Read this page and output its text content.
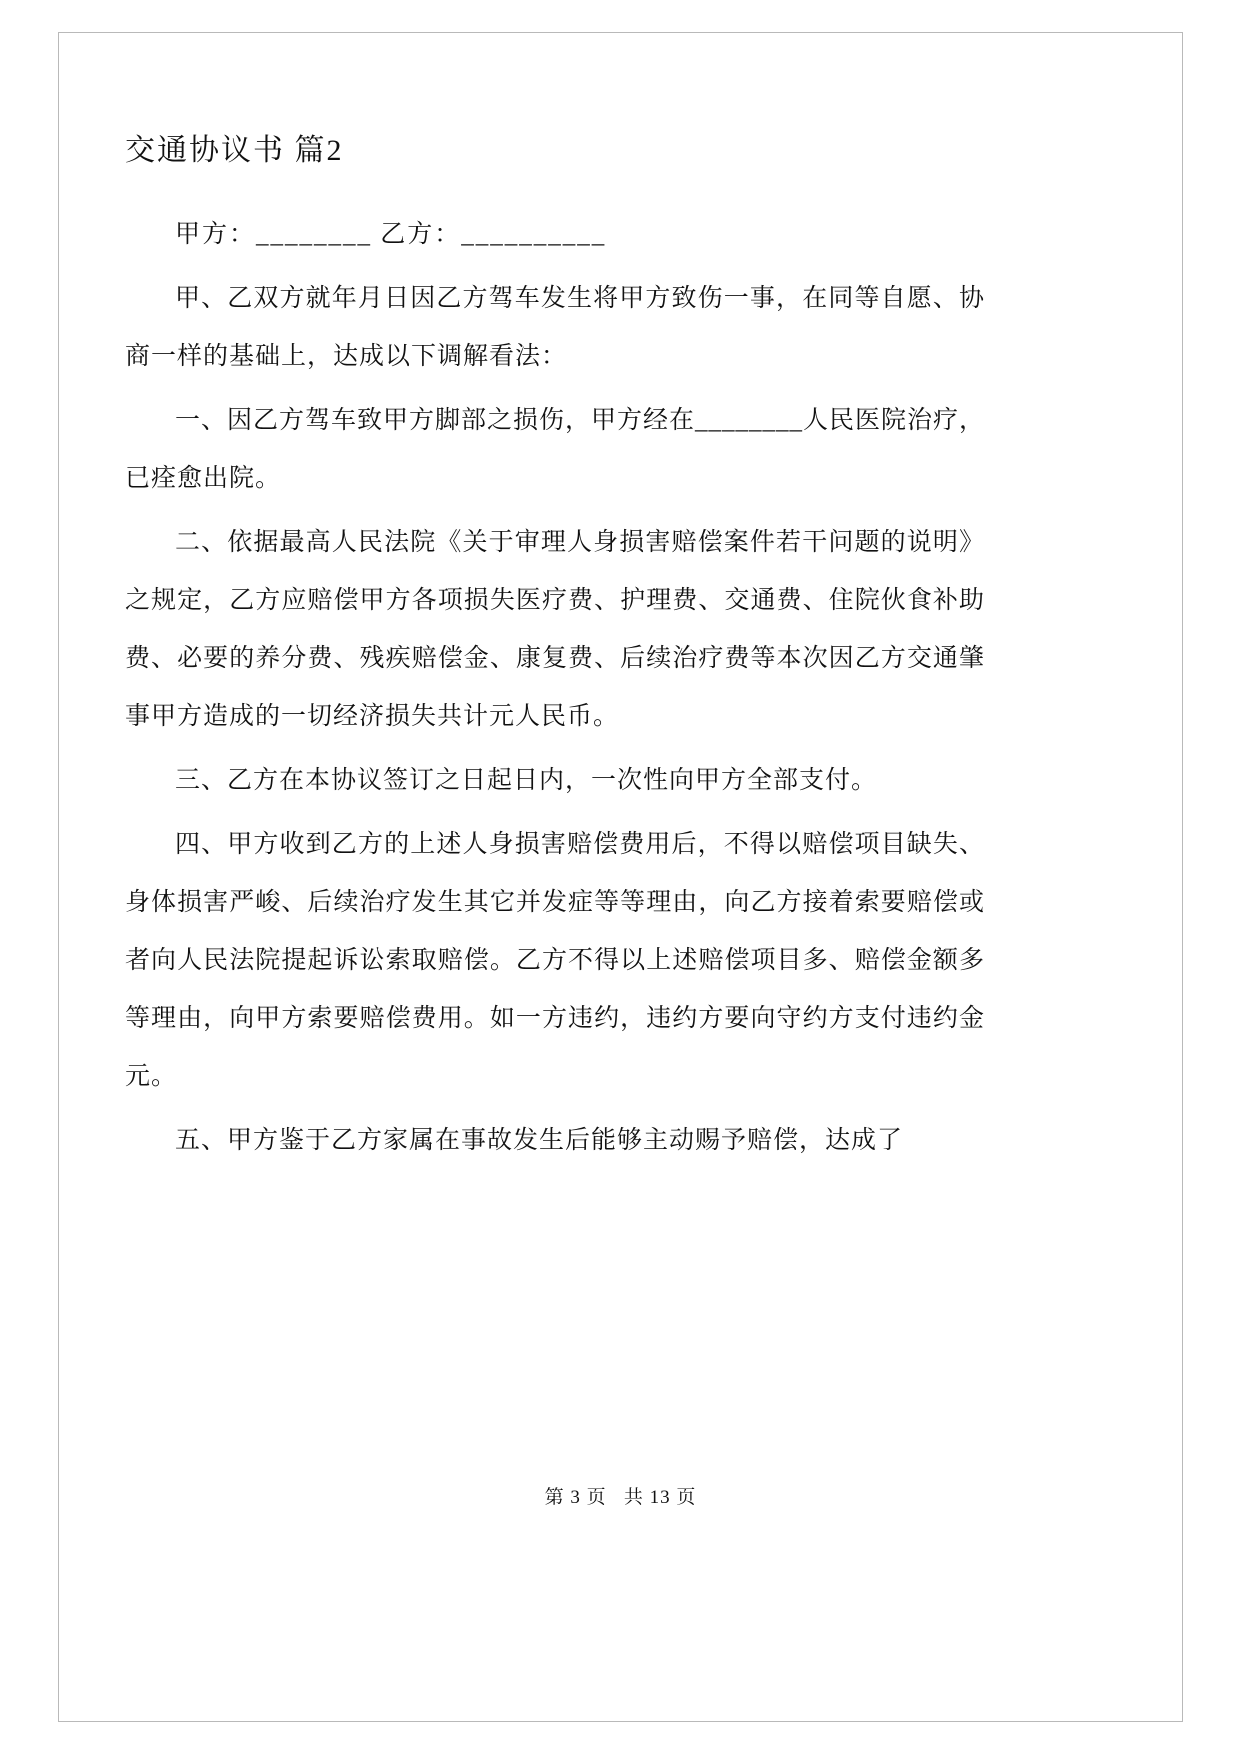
交通协议书 篇2

甲方：________ 乙方：__________

甲、乙双方就年月日因乙方驾车发生将甲方致伤一事，在同等自愿、协商一样的基础上，达成以下调解看法：

一、因乙方驾车致甲方脚部之损伤，甲方经在________人民医院治疗，已痊愈出院。

二、依据最高人民法院《关于审理人身损害赔偿案件若干问题的说明》之规定，乙方应赔偿甲方各项损失医疗费、护理费、交通费、住院伙食补助费、必要的养分费、残疾赔偿金、康复费、后续治疗费等本次因乙方交通肇事甲方造成的一切经济损失共计元人民币。

三、乙方在本协议签订之日起日内，一次性向甲方全部支付。

四、甲方收到乙方的上述人身损害赔偿费用后，不得以赔偿项目缺失、身体损害严峻、后续治疗发生其它并发症等等理由，向乙方接着索要赔偿或者向人民法院提起诉讼索取赔偿。乙方不得以上述赔偿项目多、赔偿金额多等理由，向甲方索要赔偿费用。如一方违约，违约方要向守约方支付违约金元。

五、甲方鉴于乙方家属在事故发生后能够主动赐予赔偿，达成了

第 3 页   共 13 页
